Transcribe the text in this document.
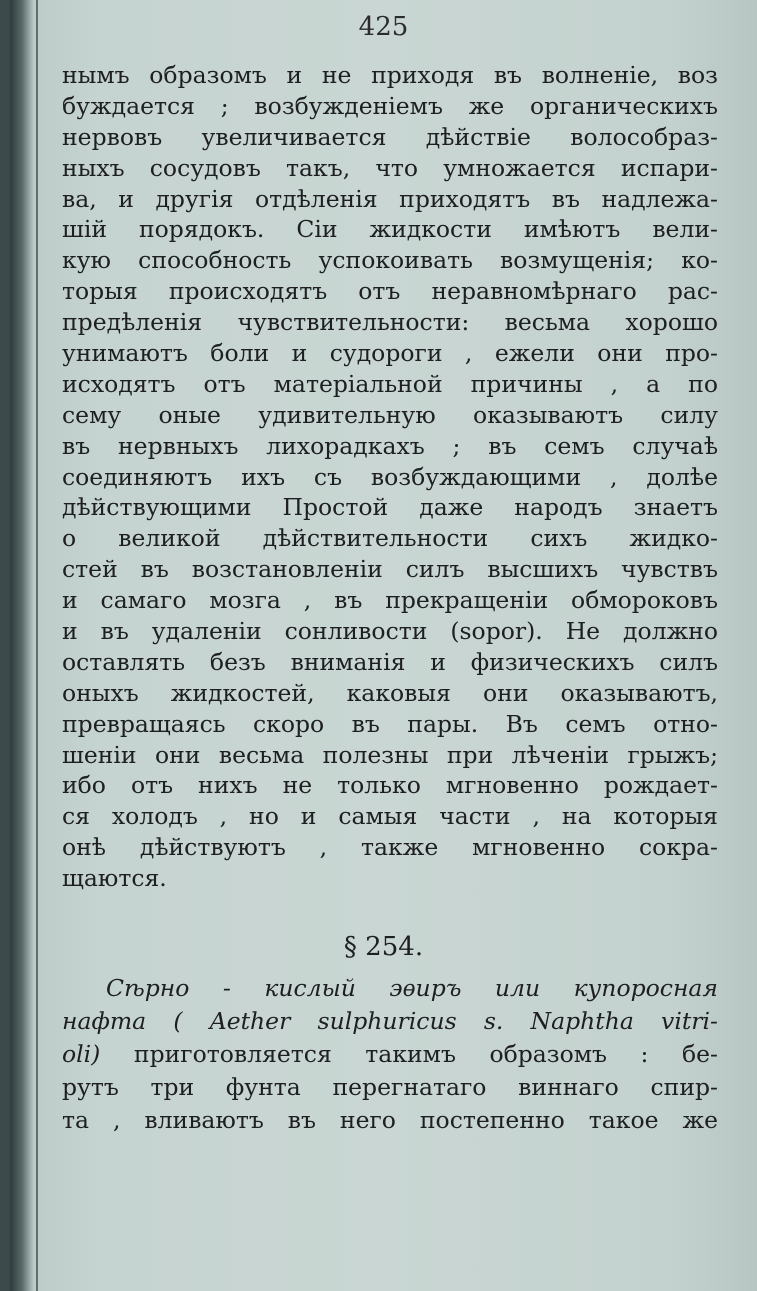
425
нымъ образомъ и не приходя въ волненіе, воз
буждается ; возбужденіемъ же органическихъ
нервовъ увеличивается дѣйствіе волособраз-
ныхъ сосудовъ такъ, что умножается испари-
ва, и другія отдѣленія приходятъ въ надлежа-
шій порядокъ. Сіи жидкости имѣютъ вели-
кую способность успокоивать возмущенія; ко-
торыя происходятъ отъ неравномѣрнаго рас-
предѣленія чувствительности: весьма хорошо
унимаютъ боли и судороги , ежели они про-
исходятъ отъ матеріальной причины , а по
сему оные удивительную оказываютъ силу
въ нервныхъ лихорадкахъ ; въ семъ случаѣ
соединяютъ ихъ съ возбуждающими , долѣе
дѣйствующими Простой даже народъ знаетъ
о великой дѣйствительности сихъ жидко-
стей въ возстановленіи силъ высшихъ чувствъ
и самаго мозга , въ прекращеніи обмороковъ
и въ удаленіи сонливости (sopor). Не должно
оставлять безъ вниманія и физическихъ силъ
оныхъ жидкостей, каковыя они оказываютъ,
превращаясь скоро въ пары. Въ семъ отно-
шеніи они весьма полезны при лѣченіи грыжъ;
ибо отъ нихъ не только мгновенно рождает-
ся холодъ , но и самыя части , на которыя
онѣ дѣйствуютъ , также мгновенно сокра-
щаются.
§ 254.
Сѣрно - кислый эѳиръ или купоросная
нафта ( Aether sulphuricus s. Naphtha vitri-
oli) приготовляется такимъ образомъ : бе-
рутъ три фунта перегнатаго виннаго спир-
та , вливаютъ въ него постепенно такое же
